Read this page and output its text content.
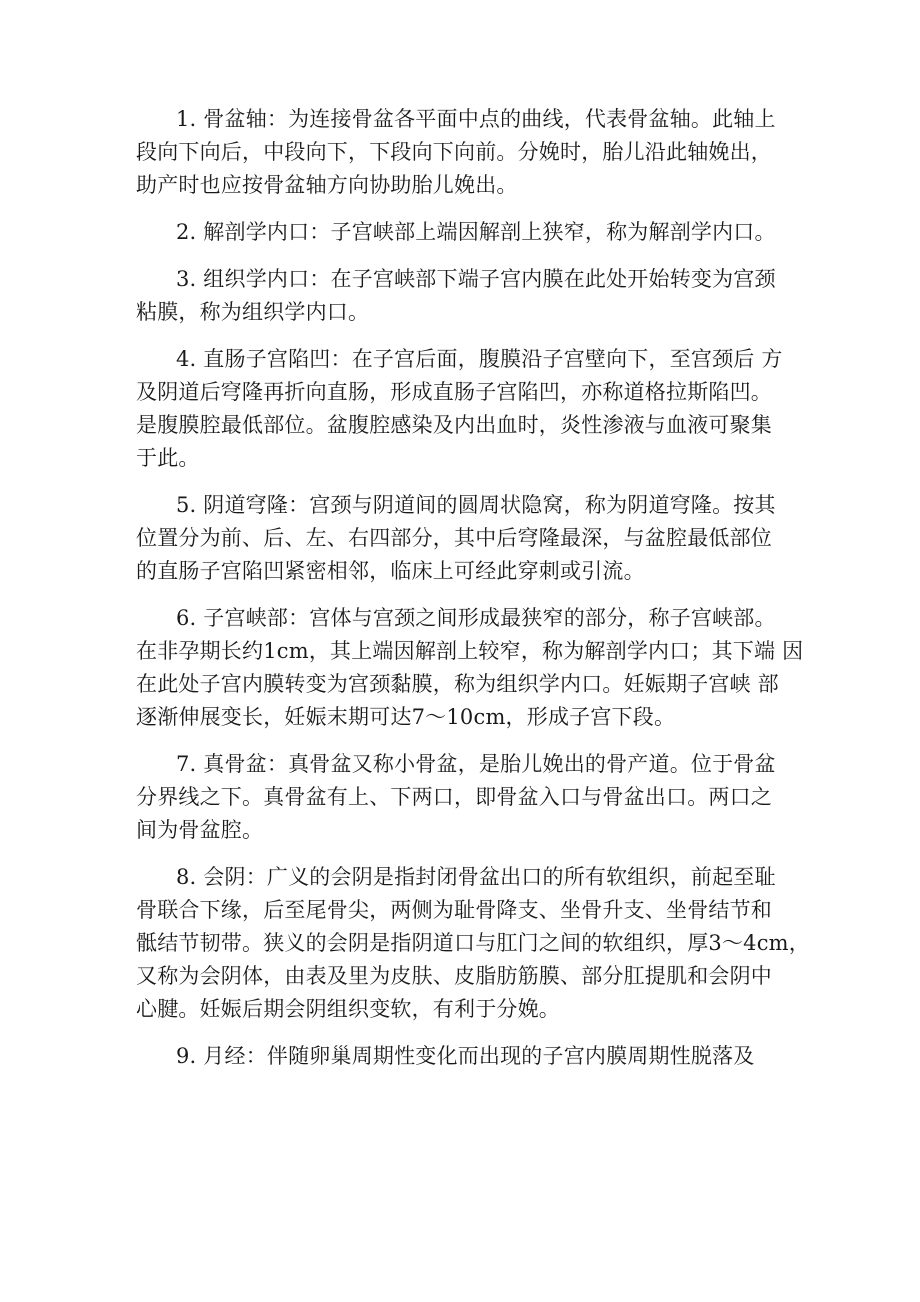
1. 骨盆轴：为连接骨盆各平面中点的曲线，代表骨盆轴。此轴上
段向下向后，中段向下，下段向下向前。分娩时，胎儿沿此轴娩出，
助产时也应按骨盆轴方向协助胎儿娩出。
2. 解剖学内口：子宫峡部上端因解剖上狭窄，称为解剖学内口。
3. 组织学内口：在子宫峡部下端子宫内膜在此处开始转变为宫颈
粘膜，称为组织学内口。
4. 直肠子宫陷凹：在子宫后面，腹膜沿子宫壁向下，至宫颈后 方
及阴道后穹隆再折向直肠，形成直肠子宫陷凹，亦称道格拉斯陷凹。
是腹膜腔最低部位。盆腹腔感染及内出血时，炎性渗液与血液可聚集
于此。
5. 阴道穹隆：宫颈与阴道间的圆周状隐窝，称为阴道穹隆。按其
位置分为前、后、左、右四部分，其中后穹隆最深，与盆腔最低部位
的直肠子宫陷凹紧密相邻，临床上可经此穿刺或引流。
6. 子宫峡部：宫体与宫颈之间形成最狭窄的部分，称子宫峡部。
在非孕期长约1cm，其上端因解剖上较窄，称为解剖学内口；其下端 因
在此处子宫内膜转变为宫颈黏膜，称为组织学内口。妊娠期子宫峡 部
逐渐伸展变长，妊娠末期可达7〜10cm，形成子宫下段。
7. 真骨盆：真骨盆又称小骨盆，是胎儿娩出的骨产道。位于骨盆
分界线之下。真骨盆有上、下两口，即骨盆入口与骨盆出口。两口之
间为骨盆腔。
8. 会阴：广义的会阴是指封闭骨盆出口的所有软组织，前起至耻
骨联合下缘，后至尾骨尖，两侧为耻骨降支、坐骨升支、坐骨结节和
骶结节韧带。狭义的会阴是指阴道口与肛门之间的软组织，厚3〜4cm，
又称为会阴体，由表及里为皮肤、皮脂肪筋膜、部分肛提肌和会阴中
心腱。妊娠后期会阴组织变软，有利于分娩。
9. 月经：伴随卵巢周期性变化而出现的子宫内膜周期性脱落及
